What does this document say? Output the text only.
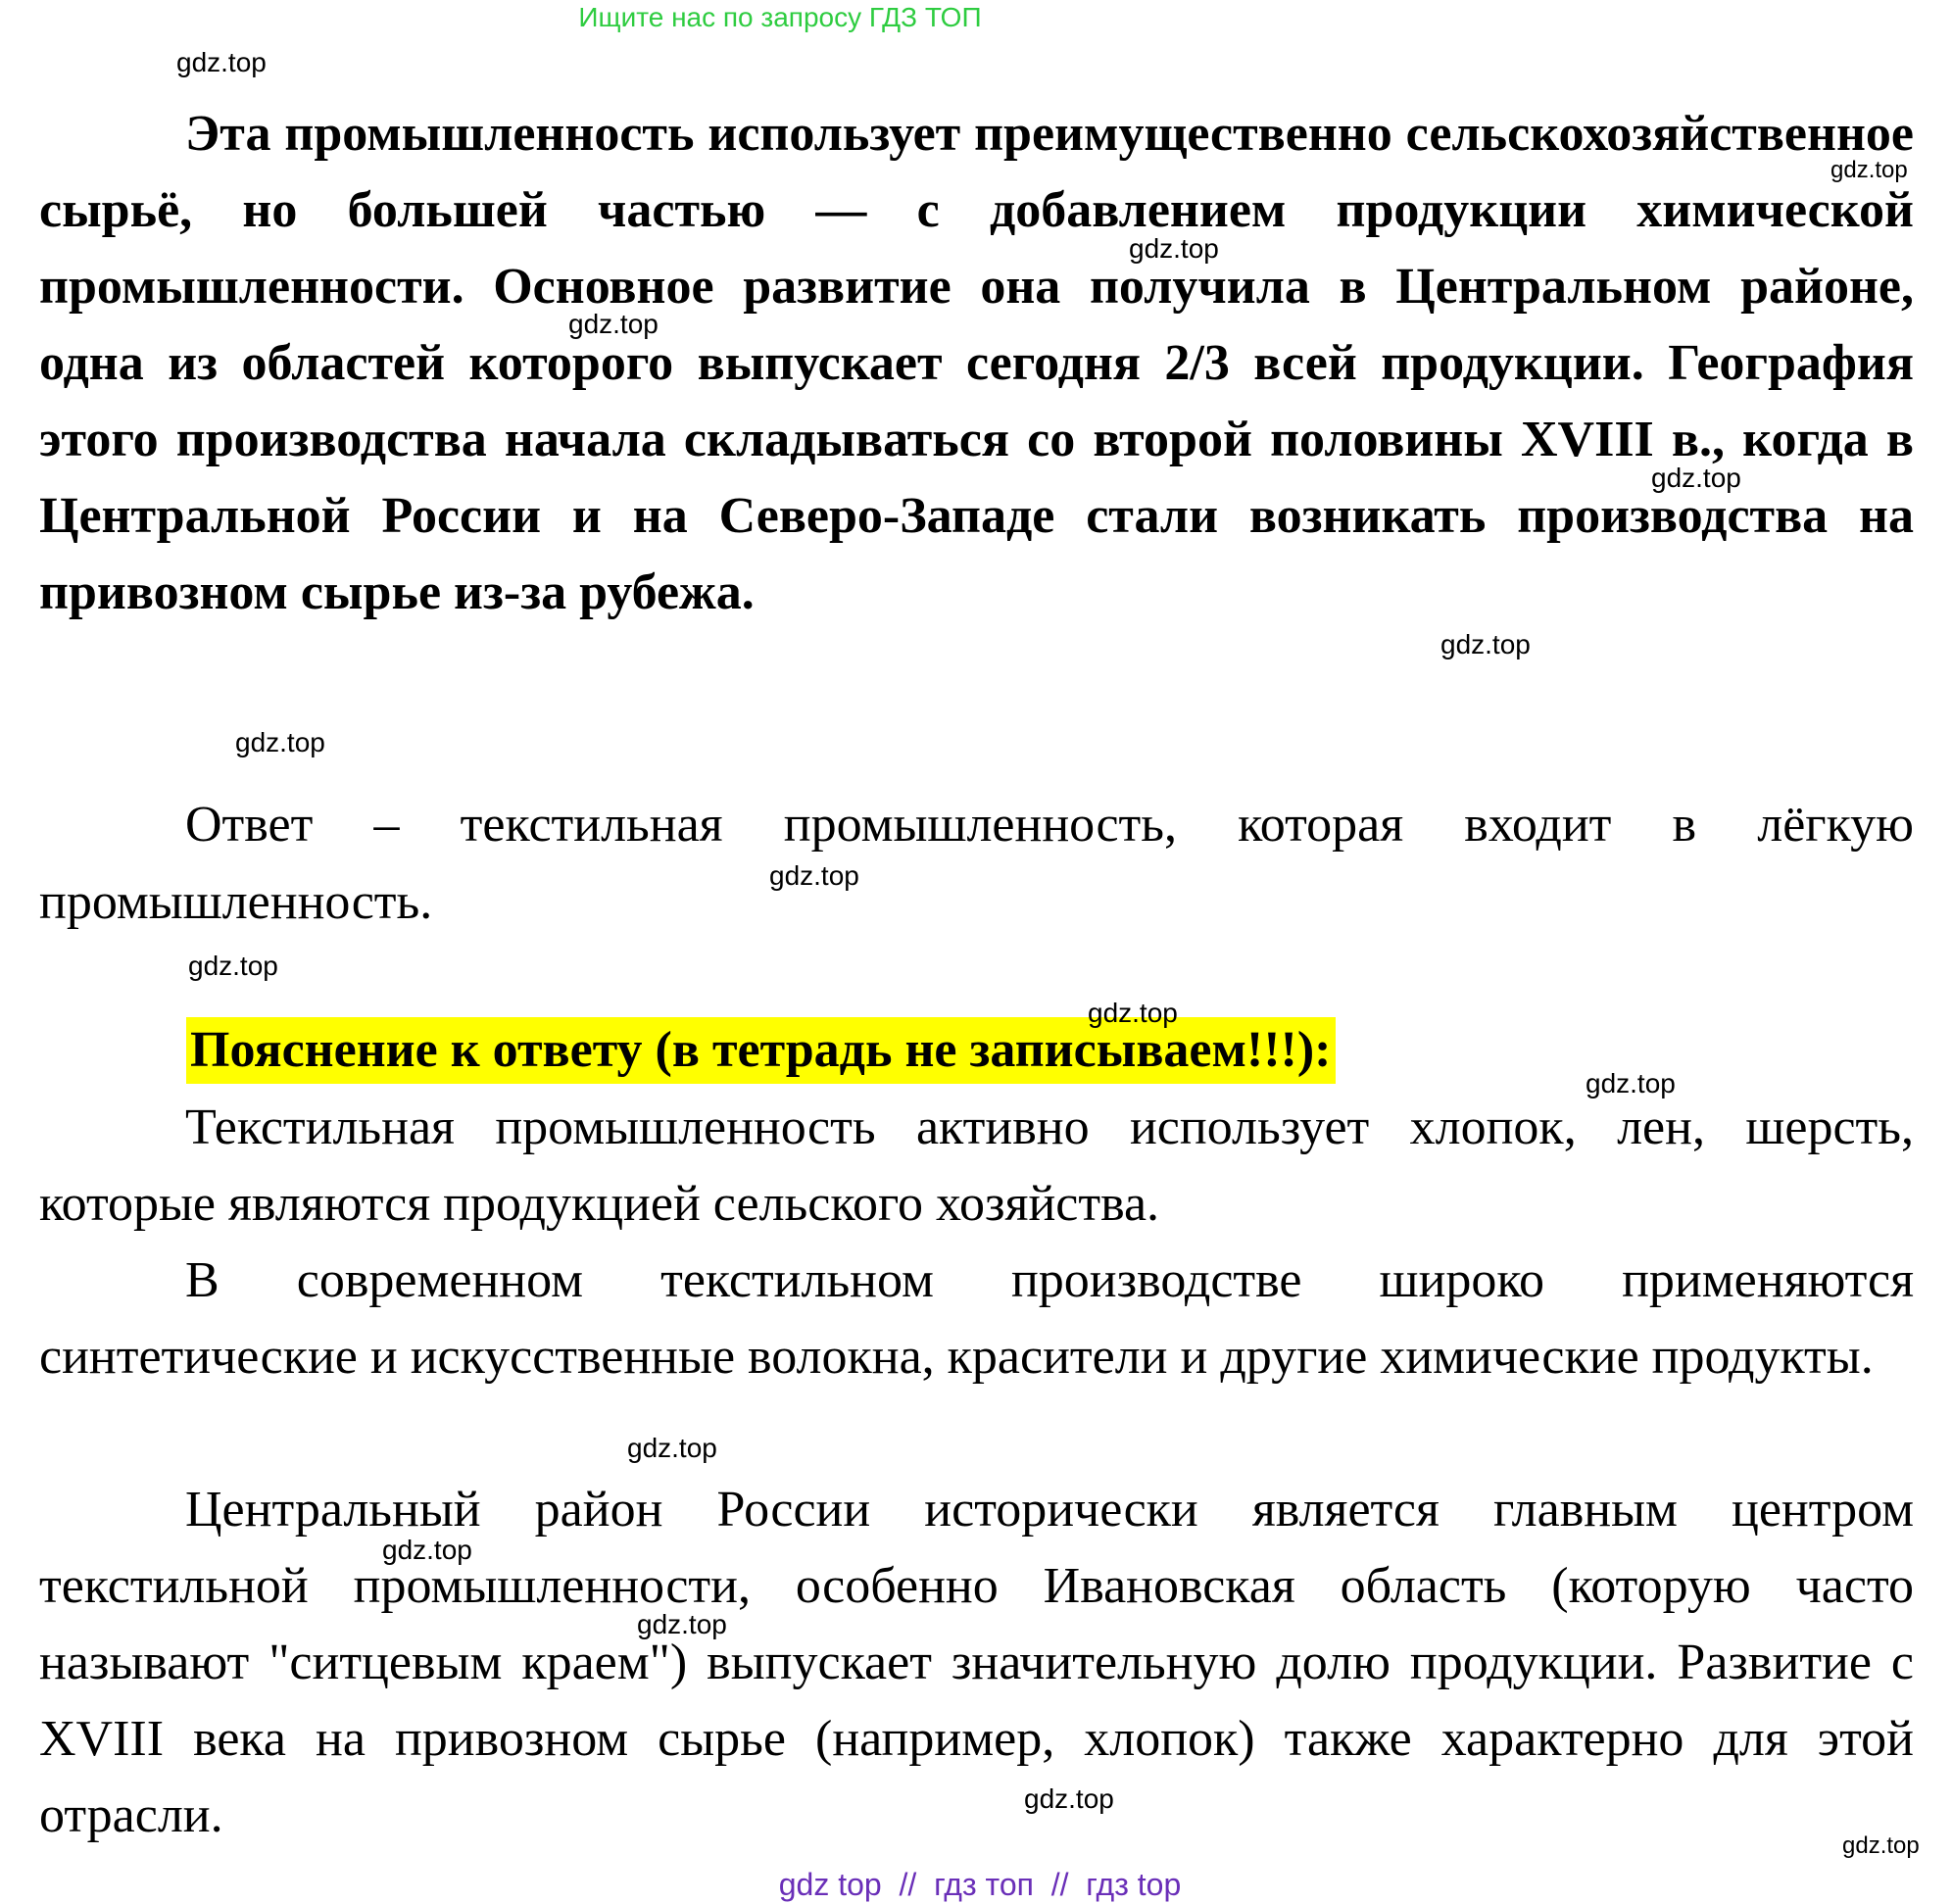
Ищите нас по запросу ГДЗ ТОП

Эта промышленность использует преимущественно сельскохозяйственное сырьё, но большей частью — с добавлением продукции химической промышленности. Основное развитие она получила в Центральном районе, одна из областей которого выпускает сегодня 2/3 всей продукции. География этого производства начала складываться со второй половины XVIII в., когда в Центральной России и на Северо-Западе стали возникать производства на привозном сырье из-за рубежа.

Ответ – текстильная промышленность, которая входит в лёгкую промышленность.

Пояснение к ответу (в тетрадь не записываем!!!):

Текстильная промышленность активно использует хлопок, лен, шерсть, которые являются продукцией сельского хозяйства.

В современном текстильном производстве широко применяются синтетические и искусственные волокна, красители и другие химические продукты.

Центральный район России исторически является главным центром текстильной промышленности, особенно Ивановская область (которую часто называют "ситцевым краем") выпускает значительную долю продукции. Развитие с XVIII века на привозном сырье (например, хлопок) также характерно для этой отрасли.

gdz.top
gdz.top
gdz.top
gdz.top
gdz.top
gdz.top
gdz.top
gdz.top
gdz.top
gdz.top
gdz.top
gdz.top
gdz.top
gdz.top
gdz.top
gdz.top
gdz top  //  гдз топ  //  гдз top
